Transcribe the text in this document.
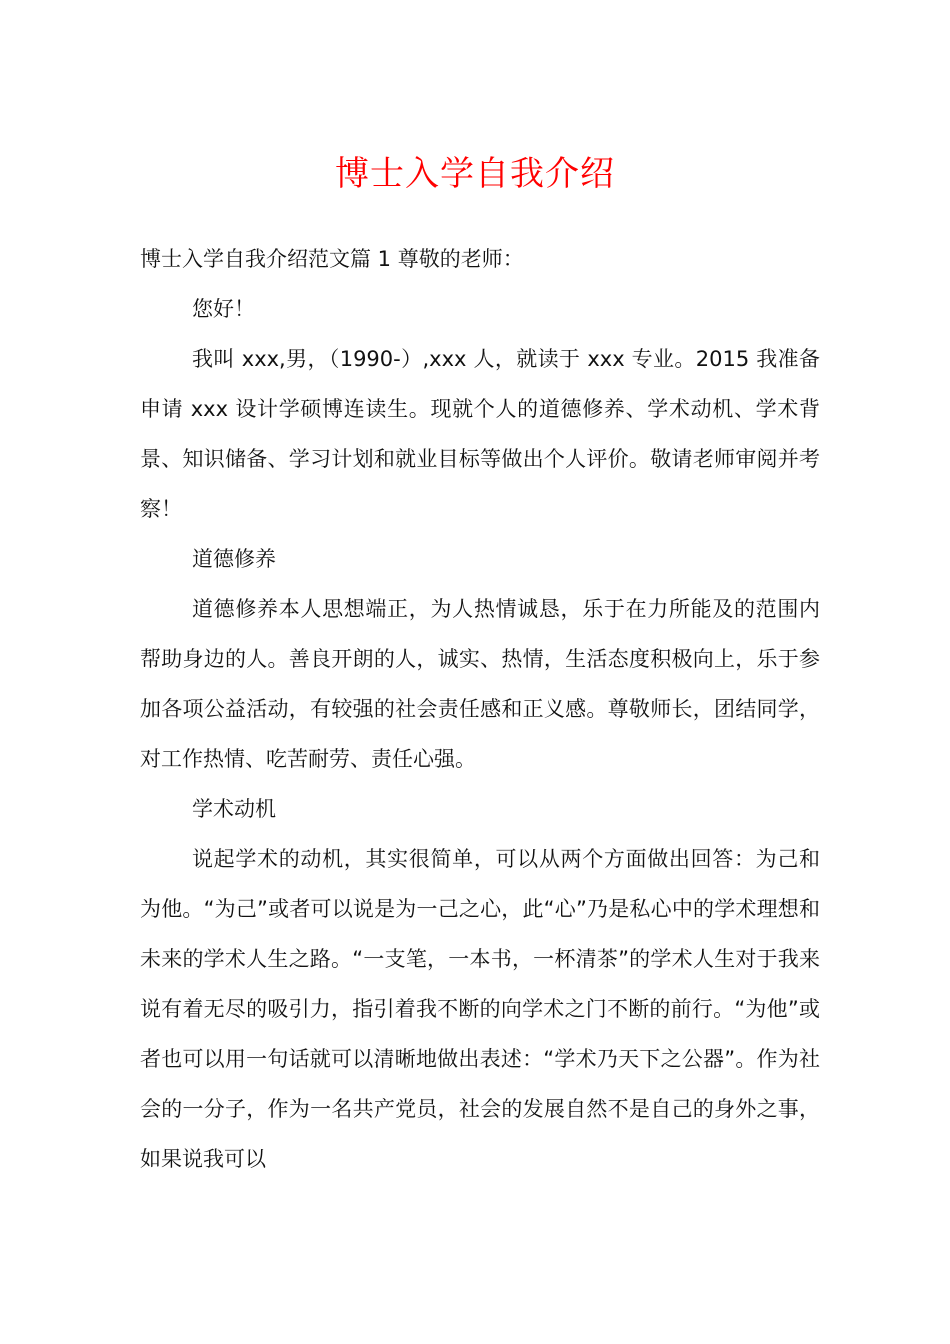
博士入学自我介绍

博士入学自我介绍范文篇 1 尊敬的老师：

您好！

我叫 xxx,男，（1990-）,xxx 人，就读于 xxx 专业。2015 我准备申请 xxx 设计学硕博连读生。现就个人的道德修养、学术动机、学术背景、知识储备、学习计划和就业目标等做出个人评价。敬请老师审阅并考察！

道德修养

道德修养本人思想端正，为人热情诚恳，乐于在力所能及的范围内帮助身边的人。善良开朗的人，诚实、热情，生活态度积极向上，乐于参加各项公益活动，有较强的社会责任感和正义感。尊敬师长，团结同学，对工作热情、吃苦耐劳、责任心强。

学术动机

说起学术的动机，其实很简单，可以从两个方面做出回答：为己和为他。“为己”或者可以说是为一己之心，此“心”乃是私心中的学术理想和未来的学术人生之路。“一支笔，一本书，一杯清茶”的学术人生对于我来说有着无尽的吸引力，指引着我不断的向学术之门不断的前行。“为他”或者也可以用一句话就可以清晰地做出表述：“学术乃天下之公器”。作为社会的一分子，作为一名共产党员，社会的发展自然不是自己的身外之事，如果说我可以
